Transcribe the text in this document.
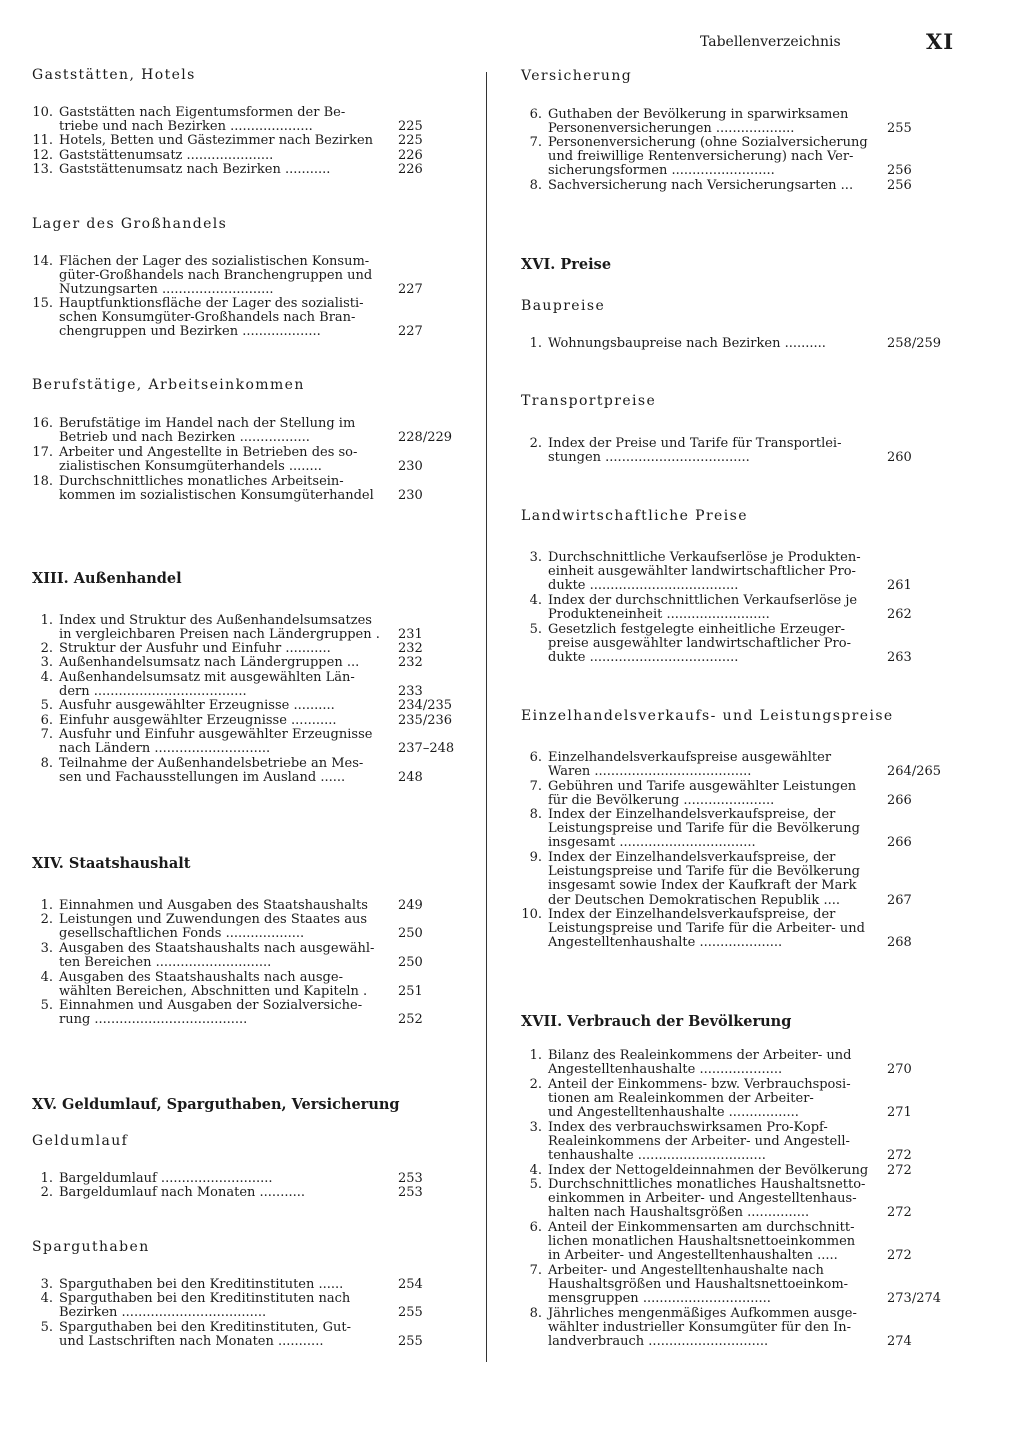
Tabellenverzeichnis	XI
Gaststätten, Hotels
10. Gaststätten nach Eigentumsformen der Be-
triebe und nach Bezirken ....................	225
11. Hotels, Betten und Gästezimmer nach Bezirken 225
12. Gaststättenumsatz .....................	226
13. Gaststättenumsatz nach Bezirken ...........	226
Lager des Großhandels
14. Flächen der Lager des sozialistischen Konsum-
güter-Großhandels nach Branchengruppen und
Nutzungsarten ...........................	227
15. Hauptfunktionsfläche der Lager des sozialisti-
schen Konsumgüter-Großhandels nach Bran-
chengruppen und Bezirken ...................	227
Berufstätige, Arbeitseinkommen
16. Berufstätige im Handel nach der Stellung im
Betrieb und nach Bezirken .................	228/229
17. Arbeiter und Angestellte in Betrieben des so-
zialistischen Konsumgüterhandels ........	230
18. Durchschnittliches monatliches Arbeitsein-
kommen im sozialistischen Konsumgüterhandel 230
XIII. Außenhandel
1. Index und Struktur des Außenhandelsumsatzes
in vergleichbaren Preisen nach Ländergruppen . 231
2. Struktur der Ausfuhr und Einfuhr ...........	232
3. Außenhandelsumsatz nach Ländergruppen ...	232
4. Außenhandelsumsatz mit ausgewählten Län-
dern .....................................	233
5. Ausfuhr ausgewählter Erzeugnisse ..........	234/235
6. Einfuhr ausgewählter Erzeugnisse ...........	235/236
7. Ausfuhr und Einfuhr ausgewählter Erzeugnisse
nach Ländern ............................	237–248
8. Teilnahme der Außenhandelsbetriebe an Mes-
sen und Fachausstellungen im Ausland ......	248
XIV. Staatshaushalt
1. Einnahmen und Ausgaben des Staatshaushalts 249
2. Leistungen und Zuwendungen des Staates aus
gesellschaftlichen Fonds ...................	250
3. Ausgaben des Staatshaushalts nach ausgewähl-
ten Bereichen ............................	250
4. Ausgaben des Staatshaushalts nach ausge-
wählten Bereichen, Abschnitten und Kapiteln . 251
5. Einnahmen und Ausgaben der Sozialversiche-
rung .....................................	252
XV. Geldumlauf, Sparguthaben, Versicherung
Geldumlauf
1. Bargeldumlauf ...........................	253
2. Bargeldumlauf nach Monaten ...........	253
Sparguthaben
3. Sparguthaben bei den Kreditinstituten ......	254
4. Sparguthaben bei den Kreditinstituten nach
Bezirken ...................................	255
5. Sparguthaben bei den Kreditinstituten, Gut-
und Lastschriften nach Monaten ...........	255
Versicherung
6. Guthaben der Bevölkerung in sparwirksamen
Personenversicherungen ...................	255
7. Personenversicherung (ohne Sozialversicherung
und freiwillige Rentenversicherung) nach Ver-
sicherungsformen .........................	256
8. Sachversicherung nach Versicherungsarten ...	256
XVI. Preise
Baupreise
1. Wohnungsbaupreise nach Bezirken ..........	258/259
Transportpreise
2. Index der Preise und Tarife für Transportlei-
stungen ...................................	260
Landwirtschaftliche Preise
3. Durchschnittliche Verkaufserlöse je Produkten-
einheit ausgewählter landwirtschaftlicher Pro-
dukte ....................................	261
4. Index der durchschnittlichen Verkaufserlöse je
Produkteneinheit .........................	262
5. Gesetzlich festgelegte einheitliche Erzeuger-
preise ausgewählter landwirtschaftlicher Pro-
dukte ....................................	263
Einzelhandelsverkaufs- und Leistungspreise
6. Einzelhandelsverkaufspreise ausgewählter
Waren ......................................	264/265
7. Gebühren und Tarife ausgewählter Leistungen
für die Bevölkerung ......................	266
8. Index der Einzelhandelsverkaufspreise, der
Leistungspreise und Tarife für die Bevölkerung
insgesamt .................................	266
9. Index der Einzelhandelsverkaufspreise, der
Leistungspreise und Tarife für die Bevölkerung
insgesamt sowie Index der Kaufkraft der Mark
der Deutschen Demokratischen Republik ....	267
10. Index der Einzelhandelsverkaufspreise, der
Leistungspreise und Tarife für die Arbeiter- und
Angestelltenhaushalte ....................	268
XVII. Verbrauch der Bevölkerung
1. Bilanz des Realeinkommens der Arbeiter- und
Angestelltenhaushalte ....................	270
2. Anteil der Einkommens- bzw. Verbrauchsposi-
tionen am Realeinkommen der Arbeiter-
und Angestelltenhaushalte .................	271
3. Index des verbrauchswirksamen Pro-Kopf-
Realeinkommens der Arbeiter- und Angestell-
tenhaushalte ...............................	272
4. Index der Nettogeldeinnahmen der Bevölkerung 272
5. Durchschnittliches monatliches Haushaltsnetto-
einkommen in Arbeiter- und Angestelltenhaus-
halten nach Haushaltsgrößen ...............	272
6. Anteil der Einkommensarten am durchschnitt-
lichen monatlichen Haushaltsnettoeinkommen
in Arbeiter- und Angestelltenhaushalten .....	272
7. Arbeiter- und Angestelltenhaushalte nach
Haushaltsgrößen und Haushaltsnettoeinkom-
mensgruppen ...............................	273/274
8. Jährliches mengenmäßiges Aufkommen ausge-
wählter industrieller Konsumgüter für den In-
landverbrauch .............................	274
